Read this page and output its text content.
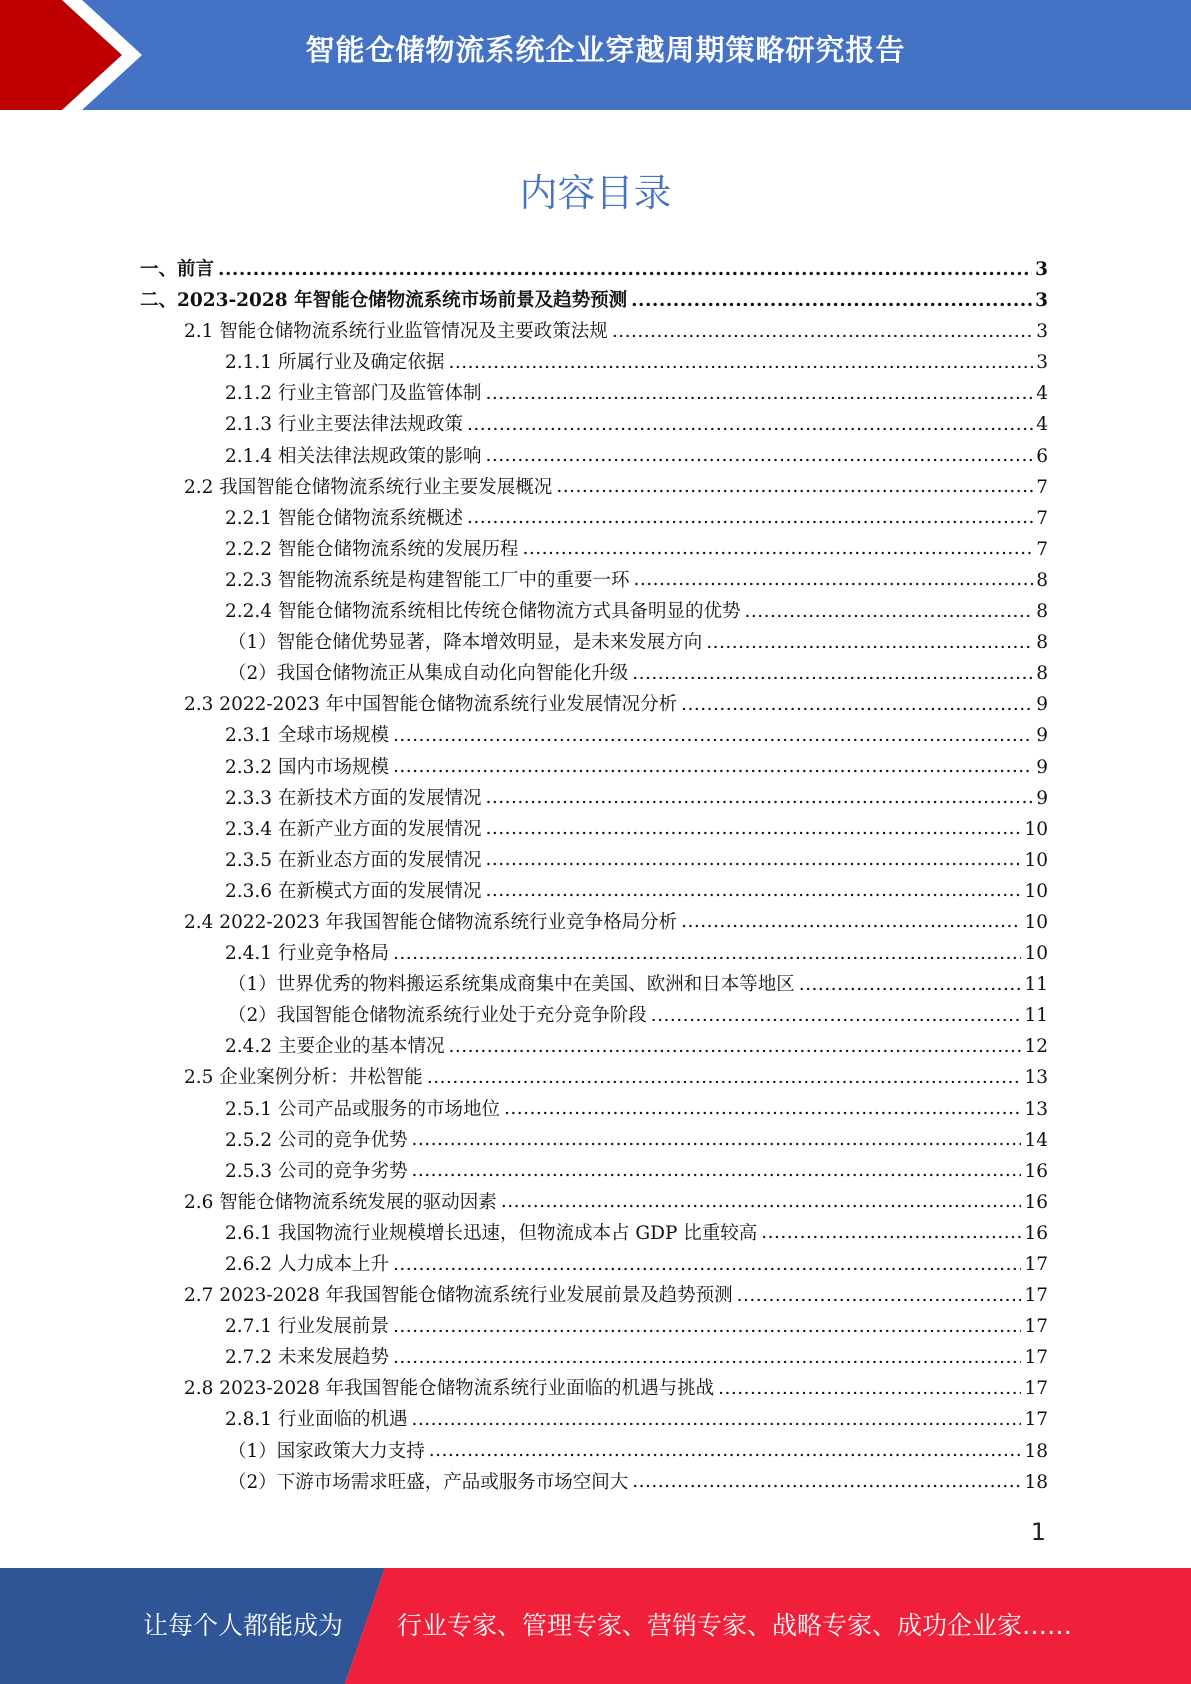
智能仓储物流系统企业穿越周期策略研究报告
内容目录
一、前言 .....	3
二、2023-2028 年智能仓储物流系统市场前景及趋势预测 .....	3
2.1 智能仓储物流系统行业监管情况及主要政策法规 .....	3
2.1.1 所属行业及确定依据 .....	3
2.1.2 行业主管部门及监管体制 .....	4
2.1.3 行业主要法律法规政策 .....	4
2.1.4 相关法律法规政策的影响 .....	6
2.2 我国智能仓储物流系统行业主要发展概况 .....	7
2.2.1 智能仓储物流系统概述 .....	7
2.2.2 智能仓储物流系统的发展历程 .....	7
2.2.3 智能物流系统是构建智能工厂中的重要一环 .....	8
2.2.4 智能仓储物流系统相比传统仓储物流方式具备明显的优势 .....	8
（1）智能仓储优势显著，降本增效明显，是未来发展方向 .....	8
（2）我国仓储物流正从集成自动化向智能化升级 .....	8
2.3 2022-2023 年中国智能仓储物流系统行业发展情况分析 .....	9
2.3.1 全球市场规模 .....	9
2.3.2 国内市场规模 .....	9
2.3.3 在新技术方面的发展情况 .....	9
2.3.4 在新产业方面的发展情况 .....	10
2.3.5 在新业态方面的发展情况 .....	10
2.3.6 在新模式方面的发展情况 .....	10
2.4 2022-2023 年我国智能仓储物流系统行业竞争格局分析 .....	10
2.4.1 行业竞争格局 .....	10
（1）世界优秀的物料搬运系统集成商集中在美国、欧洲和日本等地区 .....	11
（2）我国智能仓储物流系统行业处于充分竞争阶段 .....	11
2.4.2 主要企业的基本情况 .....	12
2.5 企业案例分析：井松智能 .....	13
2.5.1 公司产品或服务的市场地位 .....	13
2.5.2 公司的竞争优势 .....	14
2.5.3 公司的竞争劣势 .....	16
2.6 智能仓储物流系统发展的驱动因素 .....	16
2.6.1 我国物流行业规模增长迅速，但物流成本占 GDP 比重较高 .....	16
2.6.2 人力成本上升 .....	17
2.7 2023-2028 年我国智能仓储物流系统行业发展前景及趋势预测 .....	17
2.7.1 行业发展前景 .....	17
2.7.2 未来发展趋势 .....	17
2.8 2023-2028 年我国智能仓储物流系统行业面临的机遇与挑战 .....	17
2.8.1 行业面临的机遇 .....	17
（1）国家政策大力支持 .....	18
（2）下游市场需求旺盛，产品或服务市场空间大 .....	18
1
让每个人都能成为 行业专家、管理专家、营销专家、战略专家、成功企业家……
